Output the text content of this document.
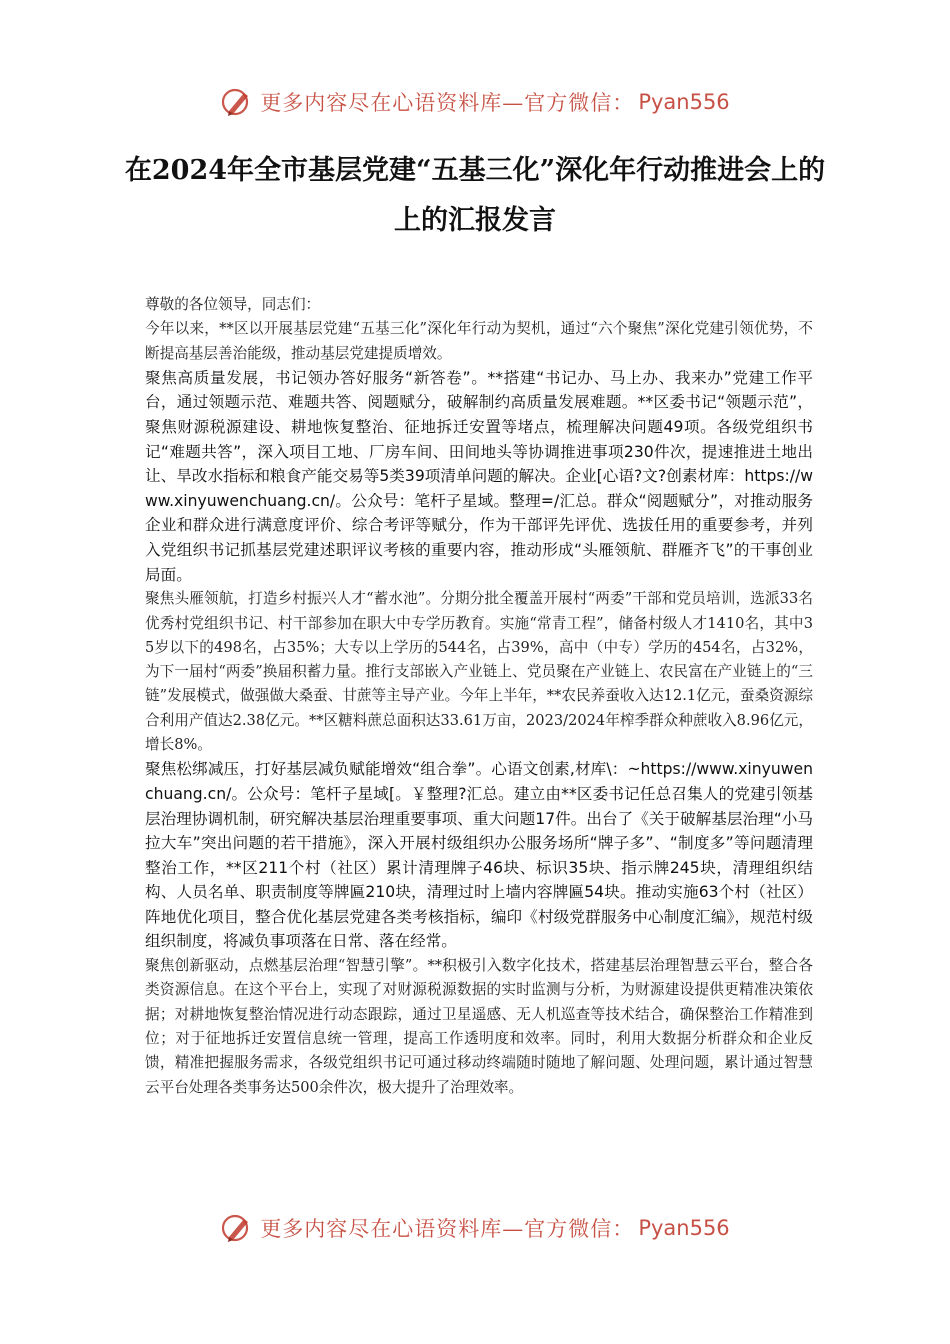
更多内容尽在心语资料库—官方微信： Pyan556
在2024年全市基层党建“五基三化”深化年行动推进会上的上的汇报发言

尊敬的各位领导，同志们：

今年以来，**区以开展基层党建“五基三化”深化年行动为契机，通过“六个聚焦”深化党建引领优势，不断提高基层善治能级，推动基层党建提质增效。

聚焦高质量发展，书记领办答好服务“新答卷”。**搭建“书记办、马上办、我来办”党建工作平台，通过领题示范、难题共答、阅题赋分，破解制约高质量发展难题。**区委书记“领题示范”，聚焦财源税源建设、耕地恢复整治、征地拆迁安置等堵点，梳理解决问题49项。各级党组织书记“难题共答”，深入项目工地、厂房车间、田间地头等协调推进事项230件次，提速推进土地出让、旱改水指标和粮食产能交易等5类39项清单问题的解决。企业[心语?文?创素材库：https://www.xinyuwenchuang.cn/。公众号：笔杆子星域。整理=/汇总。群众“阅题赋分”，对推动服务企业和群众进行满意度评价、综合考评等赋分，作为干部评先评优、选拔任用的重要参考，并列入党组织书记抓基层党建述职评议考核的重要内容，推动形成“头雁领航、群雁齐飞”的干事创业局面。

聚焦头雁领航，打造乡村振兴人才“蓄水池”。分期分批全覆盖开展村“两委”干部和党员培训，选派33名优秀村党组织书记、村干部参加在职大中专学历教育。实施“常青工程”，储备村级人才1410名，其中35岁以下的498名，占35%；大专以上学历的544名，占39%，高中（中专）学历的454名，占32%，为下一届村“两委”换届积蓄力量。推行支部嵌入产业链上、党员聚在产业链上、农民富在产业链上的“三链”发展模式，做强做大桑蚕、甘蔗等主导产业。今年上半年，**农民养蚕收入达12.1亿元，蚕桑资源综合利用产值达2.38亿元。**区糖料蔗总面积达33.61万亩，2023/2024年榨季群众种蔗收入8.96亿元，增长8%。

聚焦松绑减压，打好基层减负赋能增效“组合拳”。心语文创素,材库\：~https://www.xinyuwenchuang.cn/。公众号：笔杆子星域[。￥整理?汇总。建立由**区委书记任总召集人的党建引领基层治理协调机制，研究解决基层治理重要事项、重大问题17件。出台了《关于破解基层治理“小马拉大车”突出问题的若干措施》，深入开展村级组织办公服务场所“牌子多”、“制度多”等问题清理整治工作，**区211个村（社区）累计清理牌子46块、标识35块、指示牌245块，清理组织结构、人员名单、职责制度等牌匾210块，清理过时上墙内容牌匾54块。推动实施63个村（社区）阵地优化项目，整合优化基层党建各类考核指标，编印《村级党群服务中心制度汇编》，规范村级组织制度，将减负事项落在日常、落在经常。

聚焦创新驱动，点燃基层治理“智慧引擎”。**积极引入数字化技术，搭建基层治理智慧云平台，整合各类资源信息。在这个平台上，实现了对财源税源数据的实时监测与分析，为财源建设提供更精准决策依据；对耕地恢复整治情况进行动态跟踪，通过卫星遥感、无人机巡查等技术结合，确保整治工作精准到位；对于征地拆迁安置信息统一管理，提高工作透明度和效率。同时，利用大数据分析群众和企业反馈，精准把握服务需求，各级党组织书记可通过移动终端随时随地了解问题、处理问题，累计通过智慧云平台处理各类事务达500余件次，极大提升了治理效率。

更多内容尽在心语资料库—官方微信： Pyan556
